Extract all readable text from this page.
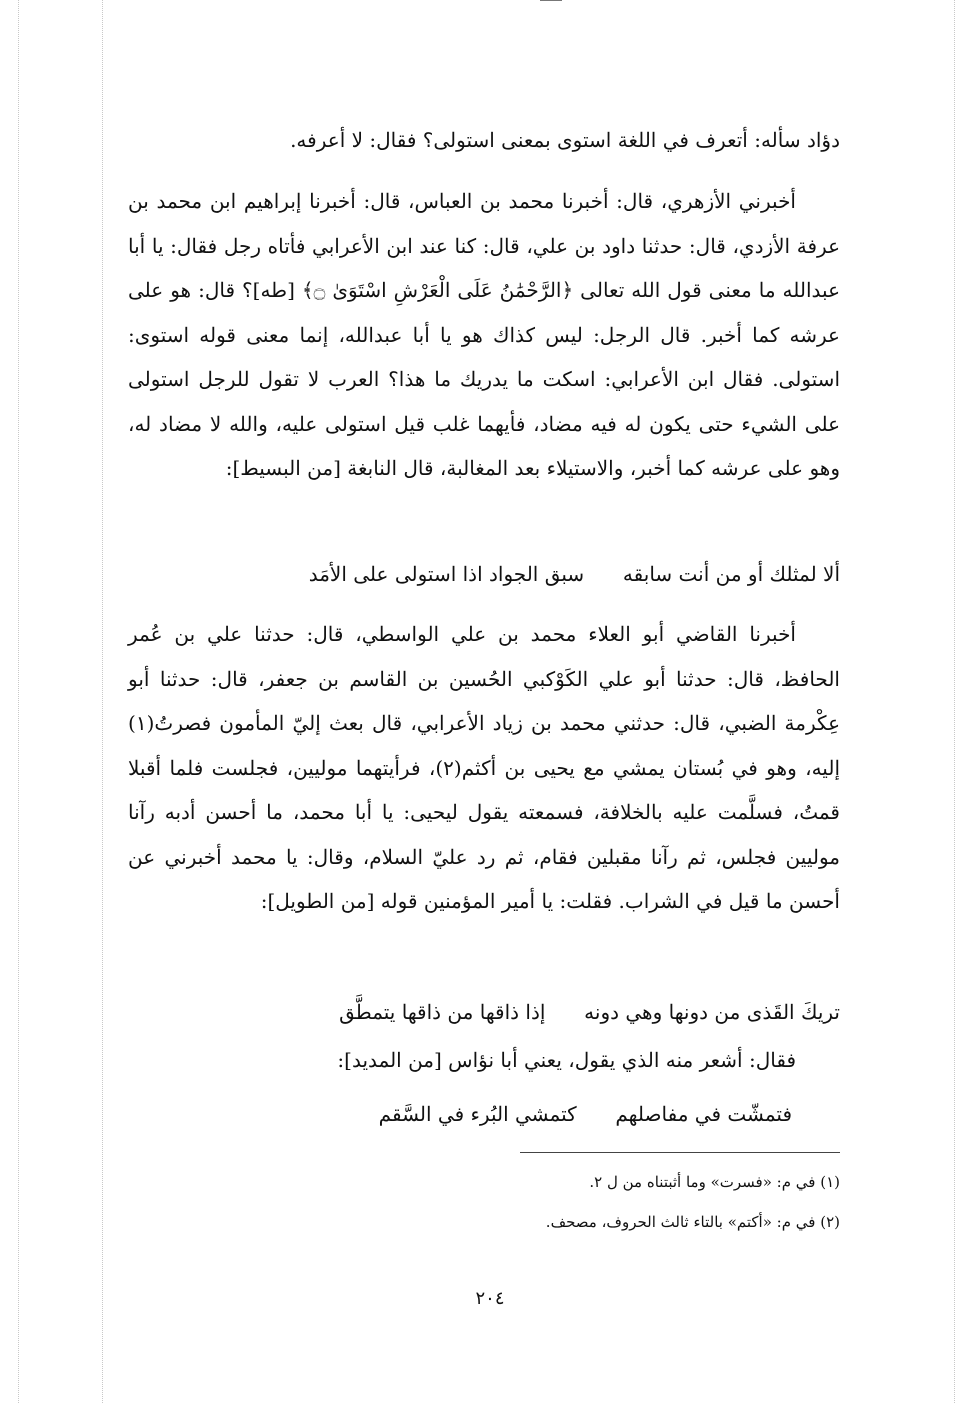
دؤاد سأله: أتعرف في اللغة استوى بمعنى استولى؟ فقال: لا أعرفه.

أخبرني الأزهري، قال: أخبرنا محمد بن العباس، قال: أخبرنا إبراهيم ابن محمد بن عرفة الأزدي، قال: حدثنا داود بن علي، قال: كنا عند ابن الأعرابي فأتاه رجل فقال: يا أبا عبدالله ما معنى قول الله تعالى ﴿الرَّحْمَٰنُ عَلَى الْعَرْشِ اسْتَوَىٰ ۝﴾ [طه]؟ قال: هو على عرشه كما أخبر. قال الرجل: ليس كذاك هو يا أبا عبدالله، إنما معنى قوله استوى: استولى. فقال ابن الأعرابي: اسكت ما يدريك ما هذا؟ العرب لا تقول للرجل استولى على الشيء حتى يكون له فيه مضاد، فأيهما غلب قيل استولى عليه، والله لا مضاد له، وهو على عرشه كما أخبر، والاستيلاء بعد المغالبة، قال النابغة [من البسيط]:

ألا لمثلك أو من أنت سابقه  سبق الجواد اذا استولى على الأمَد

أخبرنا القاضي أبو العلاء محمد بن علي الواسطي، قال: حدثنا علي بن عُمر الحافظ، قال: حدثنا أبو علي الكَوْكبي الحُسين بن القاسم بن جعفر، قال: حدثنا أبو عِكْرمة الضبي، قال: حدثني محمد بن زياد الأعرابي، قال بعث إليّ المأمون فصرتُ(١) إليه، وهو في بُستان يمشي مع يحيى بن أكثم(٢)، فرأيتهما موليين، فجلست فلما أقبلا قمتُ، فسلَّمت عليه بالخلافة، فسمعته يقول ليحيى: يا أبا محمد، ما أحسن أدبه رآنا موليين فجلس، ثم رآنا مقبلين فقام، ثم رد عليّ السلام، وقال: يا محمد أخبرني عن أحسن ما قيل في الشراب. فقلت: يا أمير المؤمنين قوله [من الطويل]:

تريكَ القَذى من دونها وهي دونه  إذا ذاقها من ذاقها يتمطَّق

فقال: أشعر منه الذي يقول، يعني أبا نؤاس [من المديد]:

فتمشّت في مفاصلهم  كتمشي البُرء في السَّقم
(١) في م: «فسرت» وما أثبتناه من ل ٢.
(٢) في م: «أكتم» بالتاء ثالث الحروف، مصحف.
٢٠٤
